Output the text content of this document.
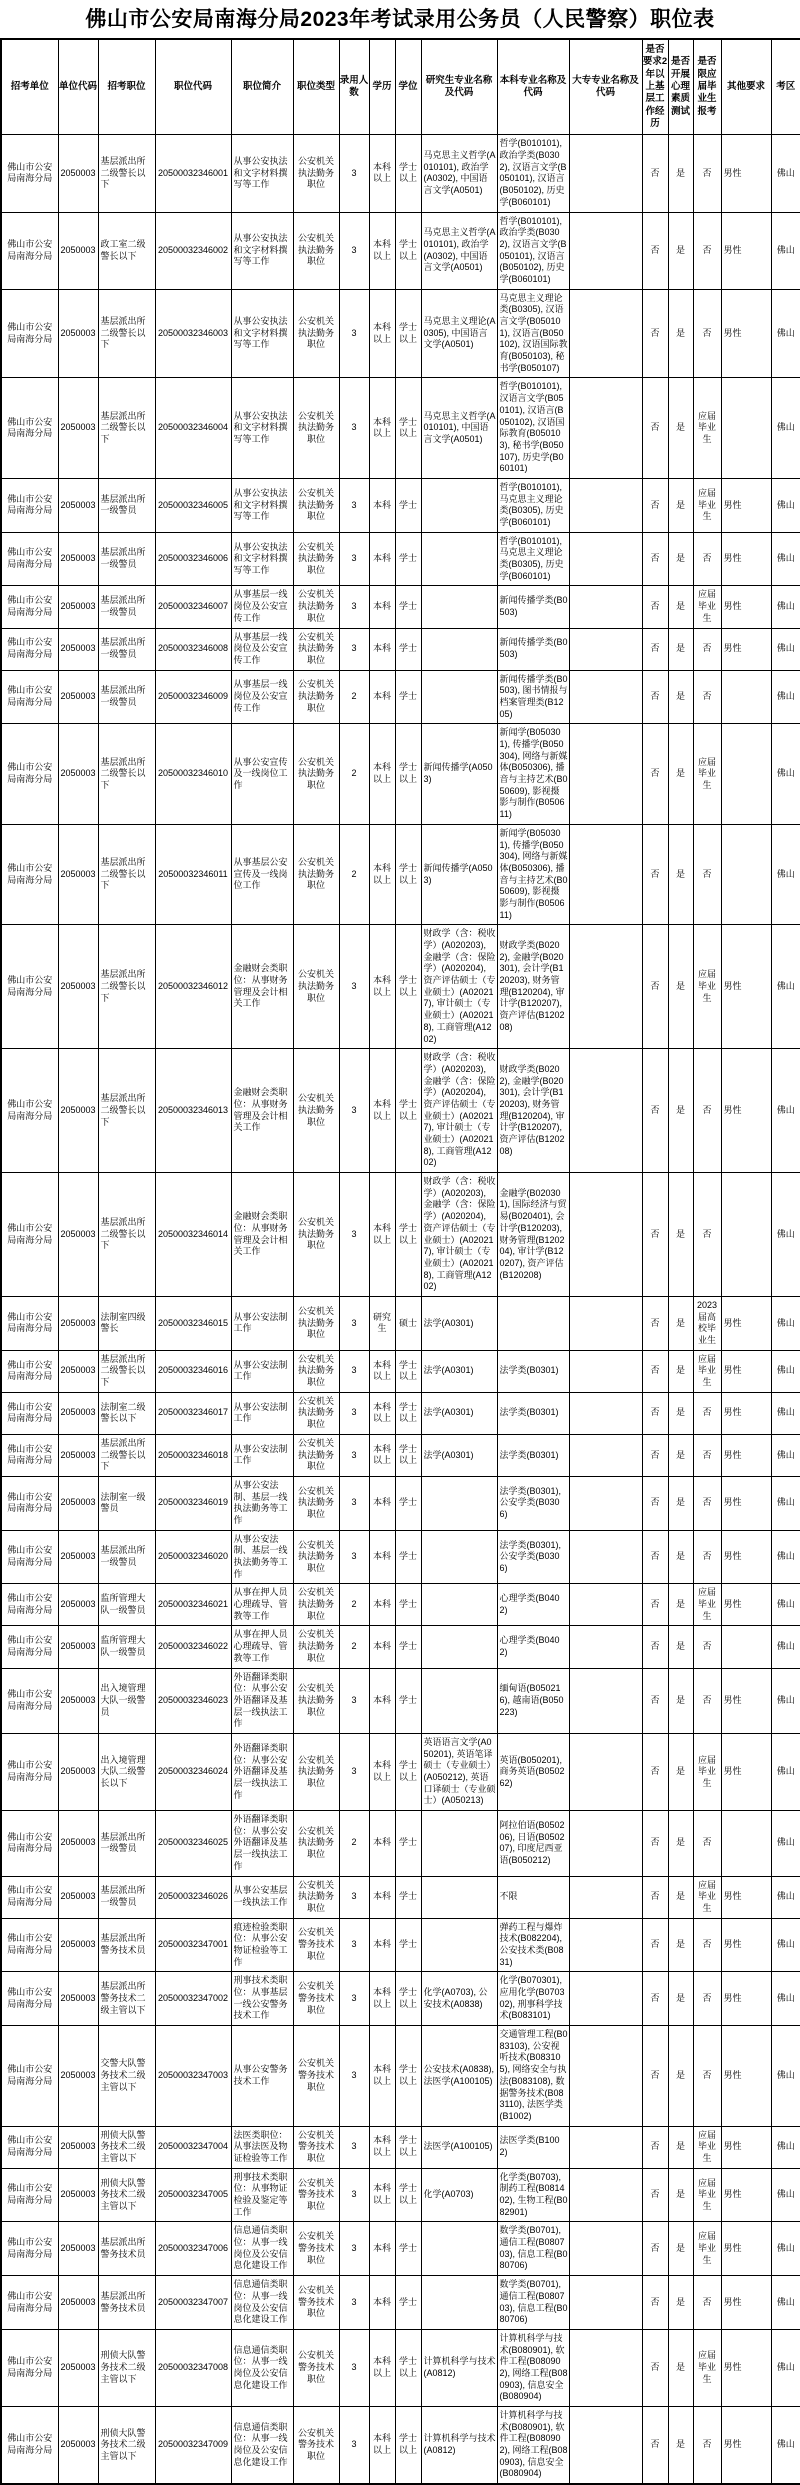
佛山市公安局南海分局2023年考试录用公务员（人民警察）职位表
招考单位	单位代码	招考职位	职位代码	职位简介	职位类型	录用人数	学历	学位	研究生专业名称及代码	本科专业名称及代码	大专专业名称及代码	是否要求2年以上基层工作经历	是否开展心理素质测试	是否限应届毕业生报考	其他要求	考区
佛山市公安局南海分局	2050003	基层派出所二级警长以下	20500032346001	从事公安执法和文字材料撰写等工作	公安机关执法勤务职位	3	本科以上	学士以上	马克思主义哲学(A010101), 政治学(A0302), 中国语言文学(A0501)	哲学(B010101), 政治学类(B0302), 汉语言文学(B050101), 汉语言(B050102), 历史学(B060101)		否	是	否	男性	佛山
佛山市公安局南海分局	2050003	政工室二级警长以下	20500032346002	从事公安执法和文字材料撰写等工作	公安机关执法勤务职位	3	本科以上	学士以上	马克思主义哲学(A010101), 政治学(A0302), 中国语言文学(A0501)	哲学(B010101), 政治学类(B0302), 汉语言文学(B050101), 汉语言(B050102), 历史学(B060101)		否	是	否	男性	佛山
佛山市公安局南海分局	2050003	基层派出所二级警长以下	20500032346003	从事公安执法和文字材料撰写等工作	公安机关执法勤务职位	3	本科以上	学士以上	马克思主义理论(A0305), 中国语言文学(A0501)	马克思主义理论类(B0305), 汉语言文学(B050101), 汉语言(B050102), 汉语国际教育(B050103), 秘书学(B050107)		否	是	否	男性	佛山
佛山市公安局南海分局	2050003	基层派出所二级警长以下	20500032346004	从事公安执法和文字材料撰写等工作	公安机关执法勤务职位	3	本科以上	学士以上	马克思主义哲学(A010101), 中国语言文学(A0501)	哲学(B010101), 汉语言文学(B050101), 汉语言(B050102), 汉语国际教育(B050103), 秘书学(B050107), 历史学(B060101)		否	是	应届毕业生		佛山
佛山市公安局南海分局	2050003	基层派出所一级警员	20500032346005	从事公安执法和文字材料撰写等工作	公安机关执法勤务职位	3	本科	学士		哲学(B010101), 马克思主义理论类(B0305), 历史学(B060101)		否	是	应届毕业生	男性	佛山
佛山市公安局南海分局	2050003	基层派出所一级警员	20500032346006	从事公安执法和文字材料撰写等工作	公安机关执法勤务职位	3	本科	学士		哲学(B010101), 马克思主义理论类(B0305), 历史学(B060101)		否	是	否	男性	佛山
佛山市公安局南海分局	2050003	基层派出所一级警员	20500032346007	从事基层一线岗位及公安宣传工作	公安机关执法勤务职位	3	本科	学士		新闻传播学类(B0503)		否	是	应届毕业生	男性	佛山
佛山市公安局南海分局	2050003	基层派出所一级警员	20500032346008	从事基层一线岗位及公安宣传工作	公安机关执法勤务职位	3	本科	学士		新闻传播学类(B0503)		否	是	否	男性	佛山
佛山市公安局南海分局	2050003	基层派出所一级警员	20500032346009	从事基层一线岗位及公安宣传工作	公安机关执法勤务职位	2	本科	学士		新闻传播学类(B0503), 图书情报与档案管理类(B1205)		否	是	否		佛山
佛山市公安局南海分局	2050003	基层派出所二级警长以下	20500032346010	从事公安宣传及一线岗位工作	公安机关执法勤务职位	2	本科以上	学士以上	新闻传播学(A0503)	新闻学(B050301), 传播学(B050304), 网络与新媒体(B050306), 播音与主持艺术(B050609), 影视摄影与制作(B050611)		否	是	应届毕业生		佛山
佛山市公安局南海分局	2050003	基层派出所二级警长以下	20500032346011	从事基层公安宣传及一线岗位工作	公安机关执法勤务职位	2	本科以上	学士以上	新闻传播学(A0503)	新闻学(B050301), 传播学(B050304), 网络与新媒体(B050306), 播音与主持艺术(B050609), 影视摄影与制作(B050611)		否	是	否		佛山
佛山市公安局南海分局	2050003	基层派出所二级警长以下	20500032346012	金融财会类职位：从事财务管理及会计相关工作	公安机关执法勤务职位	3	本科以上	学士以上	财政学（含：税收学）(A020203), 金融学（含：保险学）(A020204), 资产评估硕士（专业硕士）(A020217), 审计硕士（专业硕士）(A020218), 工商管理(A1202)	财政学类(B0202), 金融学(B020301), 会计学(B120203), 财务管理(B120204), 审计学(B120207), 资产评估(B120208)		否	是	应届毕业生	男性	佛山
佛山市公安局南海分局	2050003	基层派出所二级警长以下	20500032346013	金融财会类职位：从事财务管理及会计相关工作	公安机关执法勤务职位	3	本科以上	学士以上	财政学（含：税收学）(A020203), 金融学（含：保险学）(A020204), 资产评估硕士（专业硕士）(A020217), 审计硕士（专业硕士）(A020218), 工商管理(A1202)	财政学类(B0202), 金融学(B020301), 会计学(B120203), 财务管理(B120204), 审计学(B120207), 资产评估(B120208)		否	是	否	男性	佛山
佛山市公安局南海分局	2050003	基层派出所二级警长以下	20500032346014	金融财会类职位：从事财务管理及会计相关工作	公安机关执法勤务职位	3	本科以上	学士以上	财政学（含：税收学）(A020203), 金融学（含：保险学）(A020204), 资产评估硕士（专业硕士）(A020217), 审计硕士（专业硕士）(A020218), 工商管理(A1202)	金融学(B020301), 国际经济与贸易(B020401), 会计学(B120203), 财务管理(B120204), 审计学(B120207), 资产评估(B120208)		否	是	否		佛山
佛山市公安局南海分局	2050003	法制室四级警长	20500032346015	从事公安法制工作	公安机关执法勤务职位	3	研究生	硕士	法学(A0301)			否	是	2023届高校毕业生	男性	佛山
佛山市公安局南海分局	2050003	基层派出所二级警长以下	20500032346016	从事公安法制工作	公安机关执法勤务职位	3	本科以上	学士以上	法学(A0301)	法学类(B0301)		否	是	应届毕业生	男性	佛山
佛山市公安局南海分局	2050003	法制室二级警长以下	20500032346017	从事公安法制工作	公安机关执法勤务职位	3	本科以上	学士以上	法学(A0301)	法学类(B0301)		否	是	否	男性	佛山
佛山市公安局南海分局	2050003	基层派出所二级警长以下	20500032346018	从事公安法制工作	公安机关执法勤务职位	3	本科以上	学士以上	法学(A0301)	法学类(B0301)		否	是	否	男性	佛山
佛山市公安局南海分局	2050003	法制室一级警员	20500032346019	从事公安法制、基层一线执法勤务等工作	公安机关执法勤务职位	3	本科	学士		法学类(B0301), 公安学类(B0306)		否	是	否	男性	佛山
佛山市公安局南海分局	2050003	基层派出所一级警员	20500032346020	从事公安法制、基层一线执法勤务等工作	公安机关执法勤务职位	3	本科	学士		法学类(B0301), 公安学类(B0306)		否	是	否	男性	佛山
佛山市公安局南海分局	2050003	监所管理大队一级警员	20500032346021	从事在押人员心理疏导、管教等工作	公安机关执法勤务职位	2	本科	学士		心理学类(B0402)		否	是	应届毕业生	男性	佛山
佛山市公安局南海分局	2050003	监所管理大队一级警员	20500032346022	从事在押人员心理疏导、管教等工作	公安机关执法勤务职位	2	本科	学士		心理学类(B0402)		否	是	否		佛山
佛山市公安局南海分局	2050003	出入境管理大队一级警员	20500032346023	外语翻译类职位：从事公安外语翻译及基层一线执法工作	公安机关执法勤务职位	3	本科	学士		缅甸语(B050216), 越南语(B050223)		否	是	否	男性	佛山
佛山市公安局南海分局	2050003	出入境管理大队二级警长以下	20500032346024	外语翻译类职位：从事公安外语翻译及基层一线执法工作	公安机关执法勤务职位	3	本科以上	学士以上	英语语言文学(A050201), 英语笔译硕士（专业硕士）(A050212), 英语口译硕士（专业硕士）(A050213)	英语(B050201), 商务英语(B050262)		否	是	应届毕业生	男性	佛山
佛山市公安局南海分局	2050003	基层派出所一级警员	20500032346025	外语翻译类职位：从事公安外语翻译及基层一线执法工作	公安机关执法勤务职位	2	本科	学士		阿拉伯语(B050206), 日语(B050207), 印度尼西亚语(B050212)		否	是	否		佛山
佛山市公安局南海分局	2050003	基层派出所一级警员	20500032346026	从事公安基层一线执法工作	公安机关执法勤务职位	3	本科	学士		不限		否	是	应届毕业生	男性	佛山
佛山市公安局南海分局	2050003	基层派出所警务技术员	20500032347001	痕迹检验类职位：从事公安物证检验等工作	公安机关警务技术职位	3	本科	学士		弹药工程与爆炸技术(B082204), 公安技术类(B0831)		否	是	否	男性	佛山
佛山市公安局南海分局	2050003	基层派出所警务技术二级主管以下	20500032347002	刑事技术类职位：从事基层一线公安警务技术工作	公安机关警务技术职位	3	本科以上	学士以上	化学(A0703), 公安技术(A0838)	化学(B070301), 应用化学(B070302), 刑事科学技术(B083101)		否	是	否	男性	佛山
佛山市公安局南海分局	2050003	交警大队警务技术二级主管以下	20500032347003	从事公安警务技术工作	公安机关警务技术职位	3	本科以上	学士以上	公安技术(A0838), 法医学(A100105)	交通管理工程(B083103), 公安视听技术(B083105), 网络安全与执法(B083108), 数据警务技术(B083110), 法医学类(B1002)		否	是	否	男性	佛山
佛山市公安局南海分局	2050003	刑侦大队警务技术二级主管以下	20500032347004	法医类职位：从事法医及物证检验等工作	公安机关警务技术职位	3	本科以上	学士以上	法医学(A100105)	法医学类(B1002)		否	是	应届毕业生	男性	佛山
佛山市公安局南海分局	2050003	刑侦大队警务技术二级主管以下	20500032347005	刑事技术类职位：从事物证检验及鉴定等工作	公安机关警务技术职位	3	本科以上	学士以上	化学(A0703)	化学类(B0703), 制药工程(B081402), 生物工程(B082901)		否	是	应届毕业生	男性	佛山
佛山市公安局南海分局	2050003	基层派出所警务技术员	20500032347006	信息通信类职位：从事一线岗位及公安信息化建设工作	公安机关警务技术职位	3	本科	学士		数学类(B0701), 通信工程(B080703), 信息工程(B080706)		否	是	应届毕业生	男性	佛山
佛山市公安局南海分局	2050003	基层派出所警务技术员	20500032347007	信息通信类职位：从事一线岗位及公安信息化建设工作	公安机关警务技术职位	3	本科	学士		数学类(B0701), 通信工程(B080703), 信息工程(B080706)		否	是	否	男性	佛山
佛山市公安局南海分局	2050003	刑侦大队警务技术二级主管以下	20500032347008	信息通信类职位：从事一线岗位及公安信息化建设工作	公安机关警务技术职位	3	本科以上	学士以上	计算机科学与技术(A0812)	计算机科学与技术(B080901), 软件工程(B080902), 网络工程(B080903), 信息安全(B080904)		否	是	应届毕业生	男性	佛山
佛山市公安局南海分局	2050003	刑侦大队警务技术二级主管以下	20500032347009	信息通信类职位：从事一线岗位及公安信息化建设工作	公安机关警务技术职位	3	本科以上	学士以上	计算机科学与技术(A0812)	计算机科学与技术(B080901), 软件工程(B080902), 网络工程(B080903), 信息安全(B080904)		否	是	否	男性	佛山
